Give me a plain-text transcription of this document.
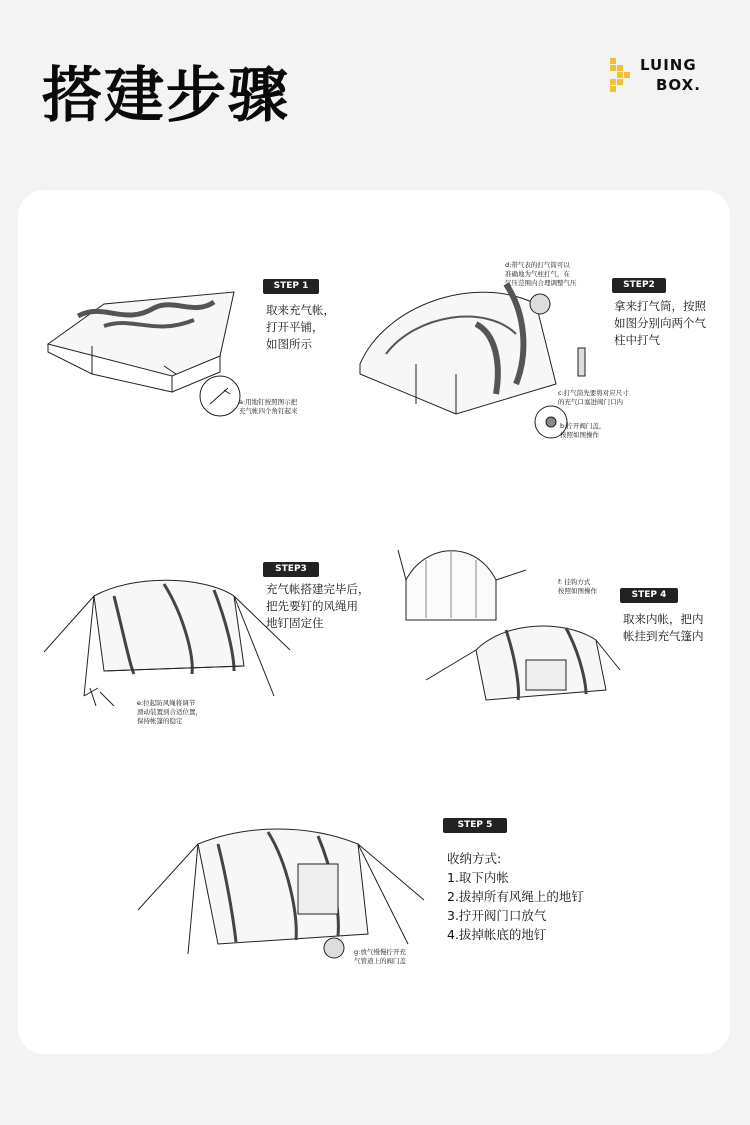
搭建步骤	LUING
BOX.
STEP 1
取来充气帐，
打开平铺，
如图所示
a:用地钉按照图示把
充气帐四个角钉起来
d:带气表的打气筒可以
准确地为气柱打气，在
气压范围内合理调整气压	STEP2
拿来打气筒，按照
如图分别向两个气
柱中打气
c:打气筒先要将对应尺寸
的充气口塞进阀门口内
b:拧开阀门盖，
按照如图操作
STEP3
充气帐搭建完毕后，
把先要钉的风绳用
地钉固定住
e:拉起防风绳将调节
滑动装置到合适位置，
保持帐篷的稳定
f: 挂钩方式
按照如图操作	STEP 4
取来内帐，把内
帐挂到充气篷内
STEP 5
g:放气慢慢拧开充
气管道上的阀门盖
收纳方式:
1.取下内帐
2.拔掉所有风绳上的地钉
3.拧开阀门口放气
4.拔掉帐底的地钉
